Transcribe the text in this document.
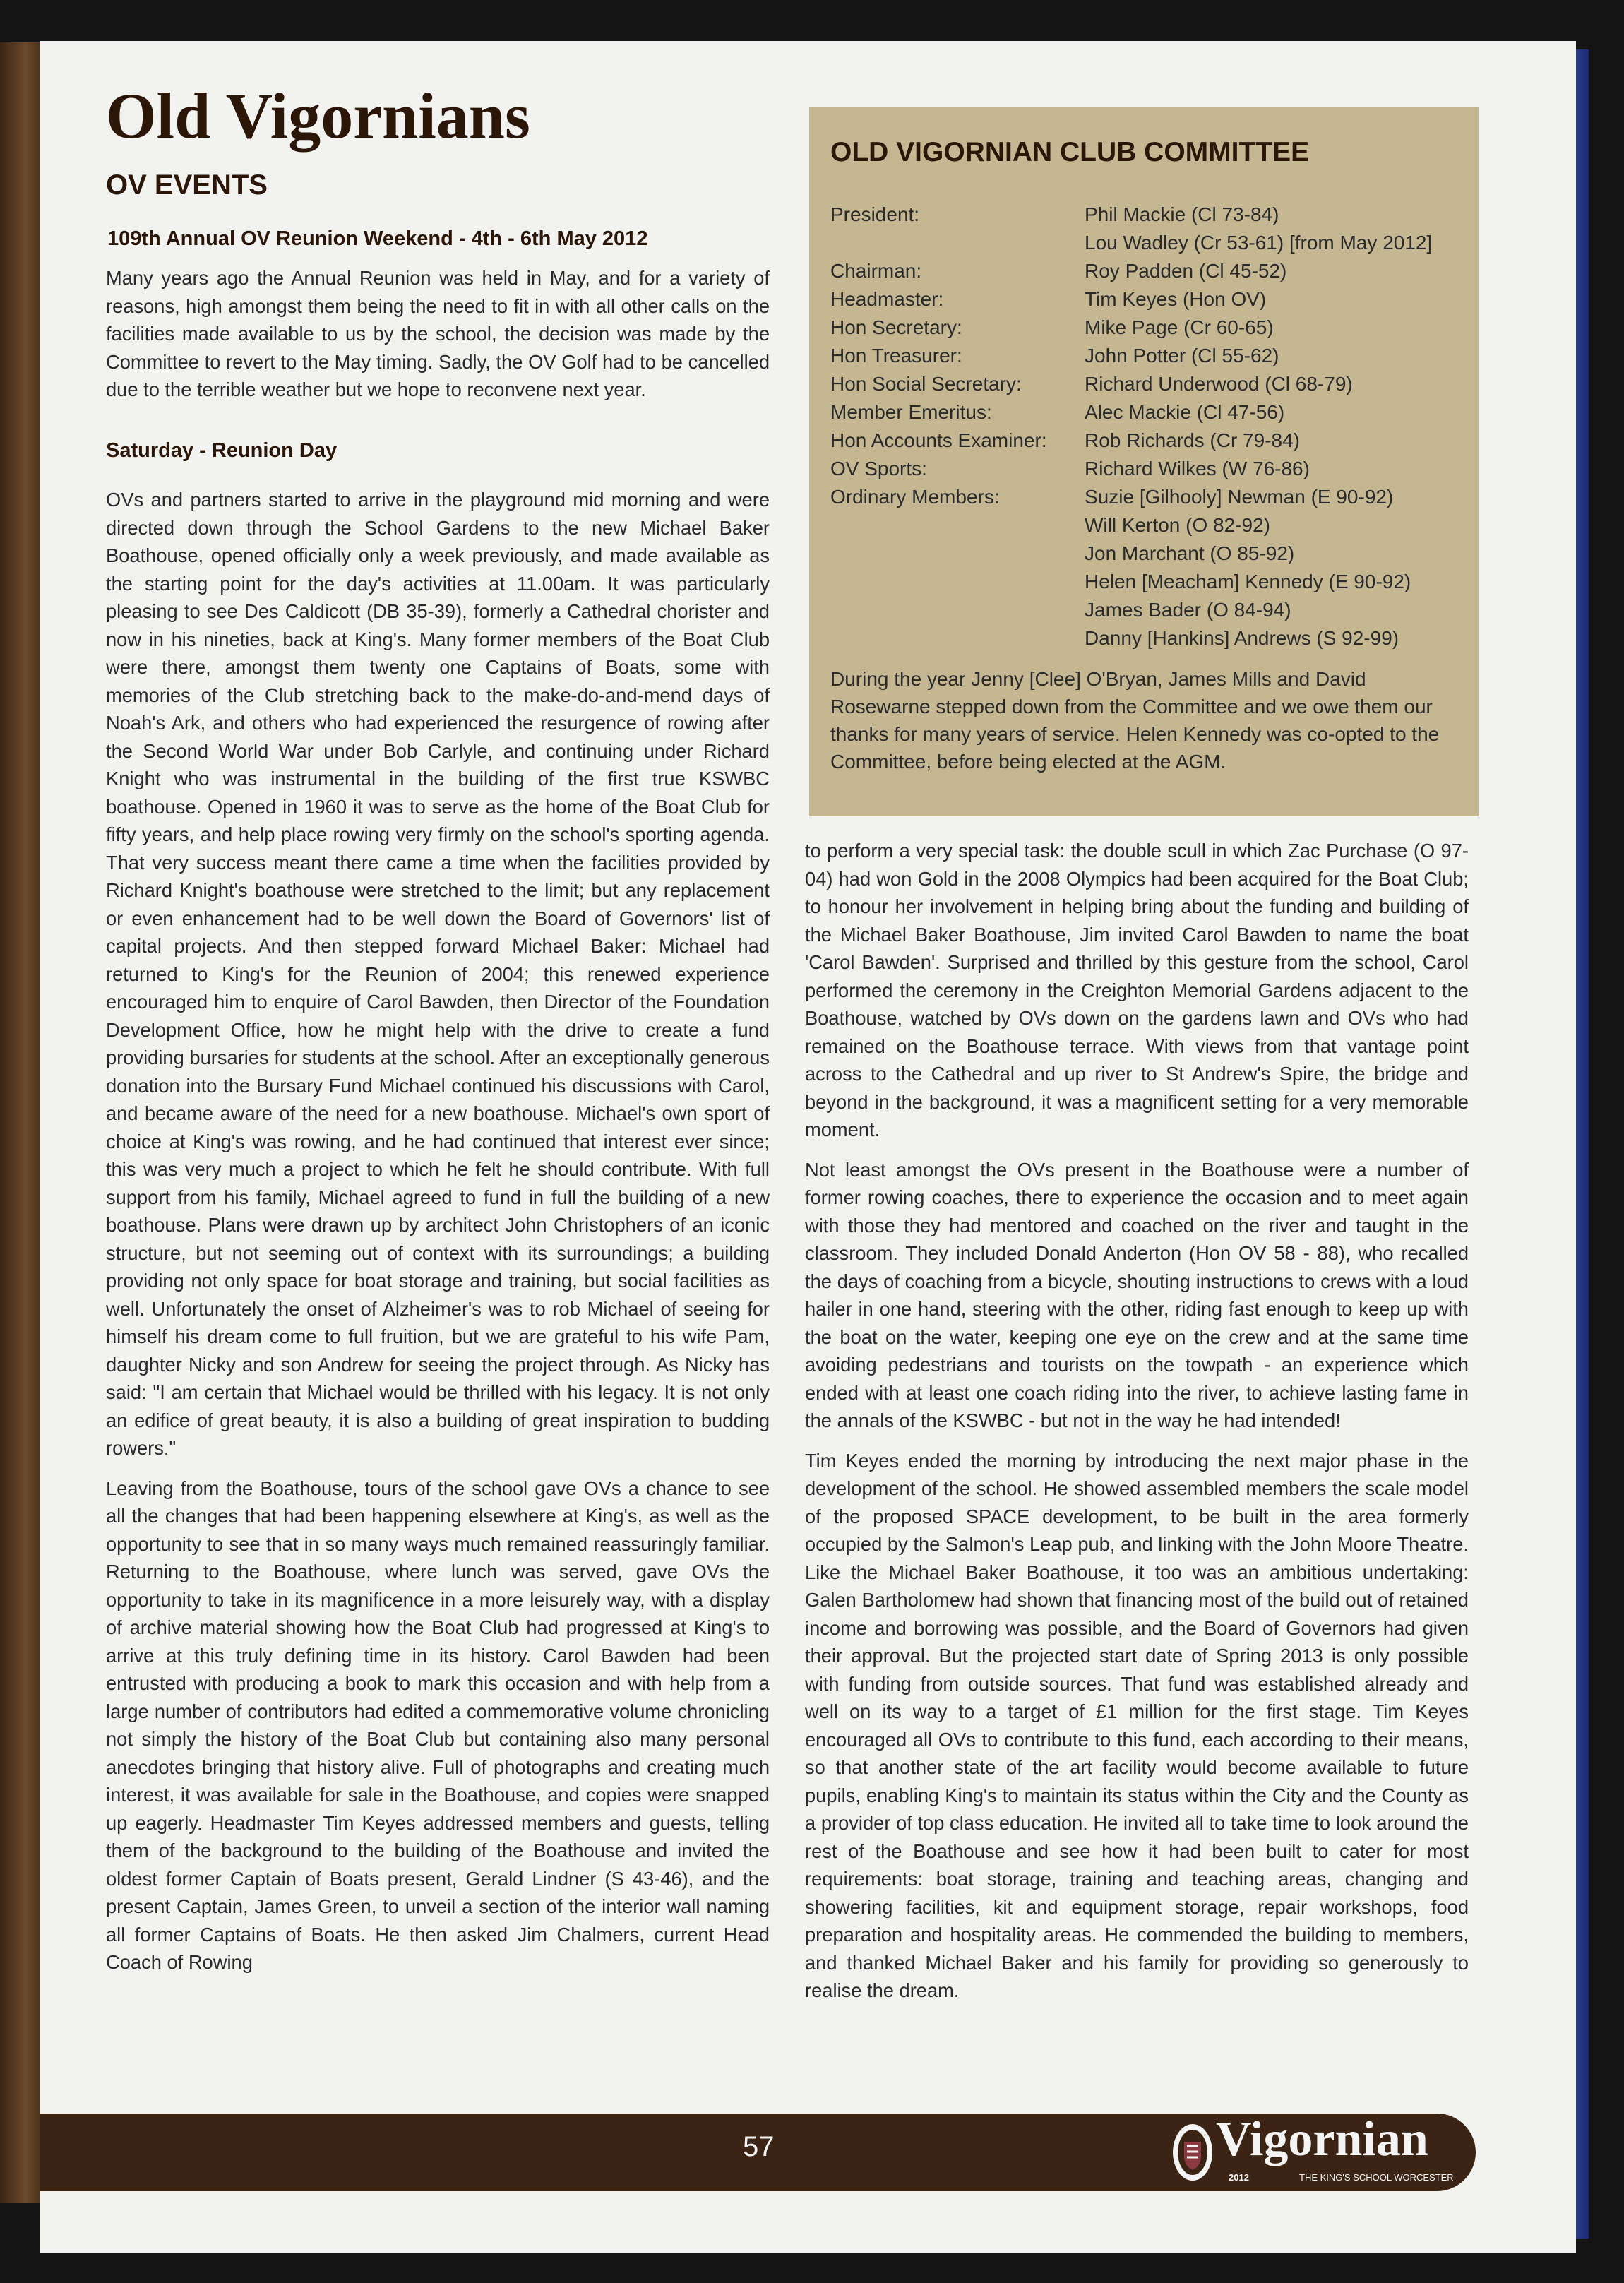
Old Vigornians
OV EVENTS
109th Annual OV Reunion Weekend - 4th - 6th May 2012

Many years ago the Annual Reunion was held in May, and for a variety of reasons, high amongst them being the need to fit in with all other calls on the facilities made available to us by the school, the decision was made by the Committee to revert to the May timing. Sadly, the OV Golf had to be cancelled due to the terrible weather but we hope to reconvene next year.

Saturday - Reunion Day

OVs and partners started to arrive in the playground mid morning and were directed down through the School Gardens to the new Michael Baker Boathouse, opened officially only a week previously, and made available as the starting point for the day's activities at 11.00am. It was particularly pleasing to see Des Caldicott (DB 35-39), formerly a Cathedral chorister and now in his nineties, back at King's. Many former members of the Boat Club were there, amongst them twenty one Captains of Boats, some with memories of the Club stretching back to the make-do-and-mend days of Noah's Ark, and others who had experienced the resurgence of rowing after the Second World War under Bob Carlyle, and continuing under Richard Knight who was instrumental in the building of the first true KSWBC boathouse. Opened in 1960 it was to serve as the home of the Boat Club for fifty years, and help place rowing very firmly on the school's sporting agenda. That very success meant there came a time when the facilities provided by Richard Knight's boathouse were stretched to the limit; but any replacement or even enhancement had to be well down the Board of Governors' list of capital projects. And then stepped forward Michael Baker: Michael had returned to King's for the Reunion of 2004; this renewed experience encouraged him to enquire of Carol Bawden, then Director of the Foundation Development Office, how he might help with the drive to create a fund providing bursaries for students at the school. After an exceptionally generous donation into the Bursary Fund Michael continued his discussions with Carol, and became aware of the need for a new boathouse. Michael's own sport of choice at King's was rowing, and he had continued that interest ever since; this was very much a project to which he felt he should contribute. With full support from his family, Michael agreed to fund in full the building of a new boathouse. Plans were drawn up by architect John Christophers of an iconic structure, but not seeming out of context with its surroundings; a building providing not only space for boat storage and training, but social facilities as well. Unfortunately the onset of Alzheimer's was to rob Michael of seeing for himself his dream come to full fruition, but we are grateful to his wife Pam, daughter Nicky and son Andrew for seeing the project through. As Nicky has said: "I am certain that Michael would be thrilled with his legacy. It is not only an edifice of great beauty, it is also a building of great inspiration to budding rowers."

Leaving from the Boathouse, tours of the school gave OVs a chance to see all the changes that had been happening elsewhere at King's, as well as the opportunity to see that in so many ways much remained reassuringly familiar. Returning to the Boathouse, where lunch was served, gave OVs the opportunity to take in its magnificence in a more leisurely way, with a display of archive material showing how the Boat Club had progressed at King's to arrive at this truly defining time in its history. Carol Bawden had been entrusted with producing a book to mark this occasion and with help from a large number of contributors had edited a commemorative volume chronicling not simply the history of the Boat Club but containing also many personal anecdotes bringing that history alive. Full of photographs and creating much interest, it was available for sale in the Boathouse, and copies were snapped up eagerly. Headmaster Tim Keyes addressed members and guests, telling them of the background to the building of the Boathouse and invited the oldest former Captain of Boats present, Gerald Lindner (S 43-46), and the present Captain, James Green, to unveil a section of the interior wall naming all former Captains of Boats. He then asked Jim Chalmers, current Head Coach of Rowing

OLD VIGORNIAN CLUB COMMITTEE
President:
Chairman:
Headmaster:
Hon Secretary:
Hon Treasurer:
Hon Social Secretary:
Member Emeritus:
Hon Accounts Examiner:
OV Sports:
Ordinary Members:
Phil Mackie (Cl 73-84)
Lou Wadley (Cr 53-61) [from May 2012]
Roy Padden (Cl 45-52)
Tim Keyes (Hon OV)
Mike Page (Cr 60-65)
John Potter (Cl 55-62)
Richard Underwood (Cl 68-79)
Alec Mackie (Cl 47-56)
Rob Richards (Cr 79-84)
Richard Wilkes (W 76-86)
Suzie [Gilhooly] Newman (E 90-92)
Will Kerton (O 82-92)
Jon Marchant (O 85-92)
Helen [Meacham] Kennedy (E 90-92)
James Bader (O 84-94)
Danny [Hankins] Andrews (S 92-99)

During the year Jenny [Clee] O'Bryan, James Mills and David Rosewarne stepped down from the Committee and we owe them our thanks for many years of service. Helen Kennedy was co-opted to the Committee, before being elected at the AGM.

to perform a very special task: the double scull in which Zac Purchase (O 97-04) had won Gold in the 2008 Olympics had been acquired for the Boat Club; to honour her involvement in helping bring about the funding and building of the Michael Baker Boathouse, Jim invited Carol Bawden to name the boat 'Carol Bawden'. Surprised and thrilled by this gesture from the school, Carol performed the ceremony in the Creighton Memorial Gardens adjacent to the Boathouse, watched by OVs down on the gardens lawn and OVs who had remained on the Boathouse terrace. With views from that vantage point across to the Cathedral and up river to St Andrew's Spire, the bridge and beyond in the background, it was a magnificent setting for a very memorable moment.

Not least amongst the OVs present in the Boathouse were a number of former rowing coaches, there to experience the occasion and to meet again with those they had mentored and coached on the river and taught in the classroom. They included Donald Anderton (Hon OV 58 - 88), who recalled the days of coaching from a bicycle, shouting instructions to crews with a loud hailer in one hand, steering with the other, riding fast enough to keep up with the boat on the water, keeping one eye on the crew and at the same time avoiding pedestrians and tourists on the towpath - an experience which ended with at least one coach riding into the river, to achieve lasting fame in the annals of the KSWBC - but not in the way he had intended!

Tim Keyes ended the morning by introducing the next major phase in the development of the school. He showed assembled members the scale model of the proposed SPACE development, to be built in the area formerly occupied by the Salmon's Leap pub, and linking with the John Moore Theatre. Like the Michael Baker Boathouse, it too was an ambitious undertaking: Galen Bartholomew had shown that financing most of the build out of retained income and borrowing was possible, and the Board of Governors had given their approval. But the projected start date of Spring 2013 is only possible with funding from outside sources. That fund was established already and well on its way to a target of £1 million for the first stage. Tim Keyes encouraged all OVs to contribute to this fund, each according to their means, so that another state of the art facility would become available to future pupils, enabling King's to maintain its status within the City and the County as a provider of top class education. He invited all to take time to look around the rest of the Boathouse and see how it had been built to cater for most requirements: boat storage, training and teaching areas, changing and showering facilities, kit and equipment storage, repair workshops, food preparation and hospitality areas. He commended the building to members, and thanked Michael Baker and his family for providing so generously to realise the dream.

57	Vigornian

2012	THE KING'S SCHOOL WORCESTER
